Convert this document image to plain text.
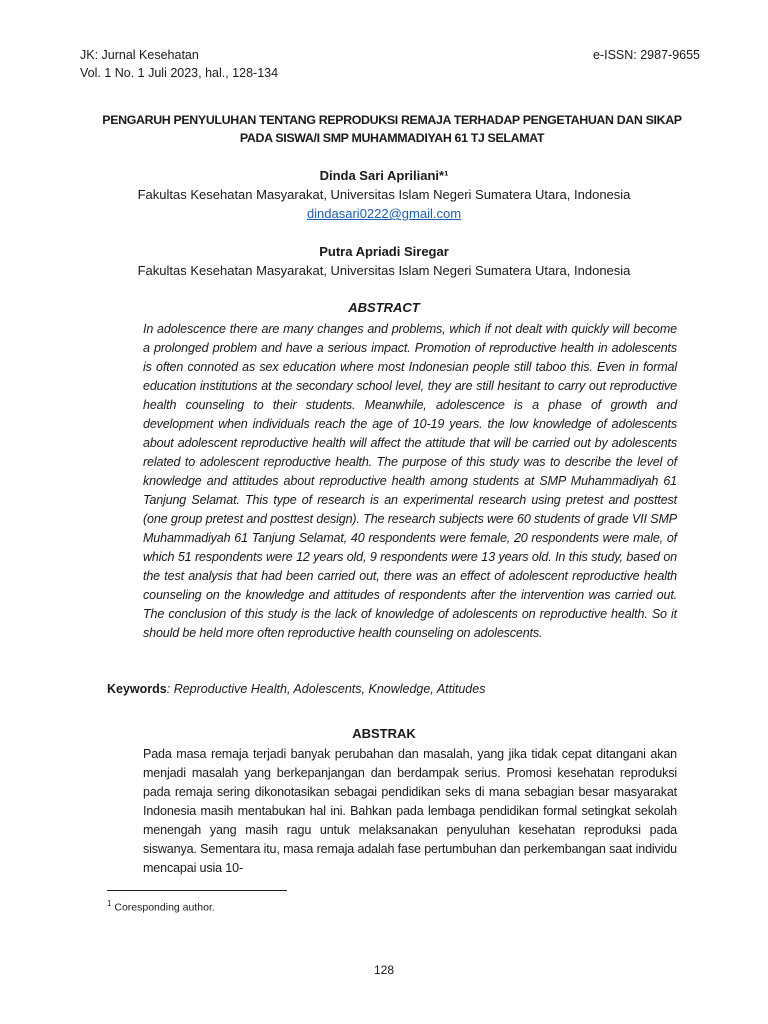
JK: Jurnal Kesehatan
Vol. 1 No. 1 Juli 2023, hal., 128-134
e-ISSN: 2987-9655
PENGARUH PENYULUHAN TENTANG REPRODUKSI REMAJA TERHADAP PENGETAHUAN DAN SIKAP PADA SISWA/I SMP MUHAMMADIYAH 61 TJ SELAMAT
Dinda Sari Apriliani*¹
Fakultas Kesehatan Masyarakat, Universitas Islam Negeri Sumatera Utara, Indonesia
dindasari0222@gmail.com
Putra Apriadi Siregar
Fakultas Kesehatan Masyarakat, Universitas Islam Negeri Sumatera Utara, Indonesia
ABSTRACT
In adolescence there are many changes and problems, which if not dealt with quickly will become a prolonged problem and have a serious impact. Promotion of reproductive health in adolescents is often connoted as sex education where most Indonesian people still taboo this. Even in formal education institutions at the secondary school level, they are still hesitant to carry out reproductive health counseling to their students. Meanwhile, adolescence is a phase of growth and development when individuals reach the age of 10-19 years. the low knowledge of adolescents about adolescent reproductive health will affect the attitude that will be carried out by adolescents related to adolescent reproductive health. The purpose of this study was to describe the level of knowledge and attitudes about reproductive health among students at SMP Muhammadiyah 61 Tanjung Selamat. This type of research is an experimental research using pretest and posttest (one group pretest and posttest design). The research subjects were 60 students of grade VII SMP Muhammadiyah 61 Tanjung Selamat, 40 respondents were female, 20 respondents were male, of which 51 respondents were 12 years old, 9 respondents were 13 years old. In this study, based on the test analysis that had been carried out, there was an effect of adolescent reproductive health counseling on the knowledge and attitudes of respondents after the intervention was carried out. The conclusion of this study is the lack of knowledge of adolescents on reproductive health. So it should be held more often reproductive health counseling on adolescents.
Keywords: Reproductive Health, Adolescents, Knowledge, Attitudes
ABSTRAK
Pada masa remaja terjadi banyak perubahan dan masalah, yang jika tidak cepat ditangani akan menjadi masalah yang berkepanjangan dan berdampak serius. Promosi kesehatan reproduksi pada remaja sering dikonotasikan sebagai pendidikan seks di mana sebagian besar masyarakat Indonesia masih mentabukan hal ini. Bahkan pada lembaga pendidikan formal setingkat sekolah menengah yang masih ragu untuk melaksanakan penyuluhan kesehatan reproduksi pada siswanya. Sementara itu, masa remaja adalah fase pertumbuhan dan perkembangan saat individu mencapai usia 10-
$^1$ Coresponding author.
128
